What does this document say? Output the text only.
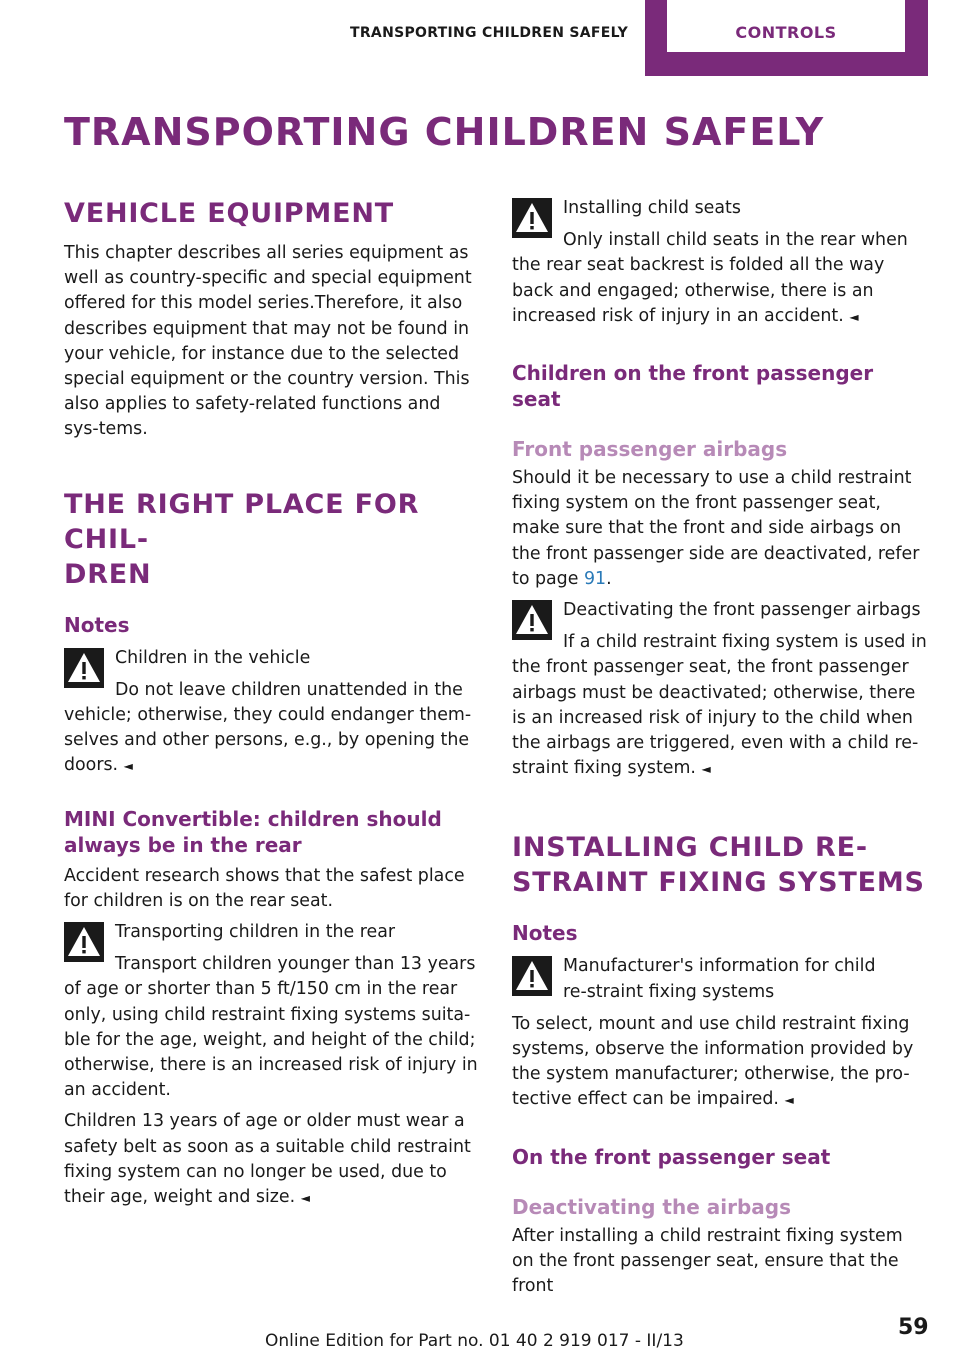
TRANSPORTING CHILDREN SAFELY	CONTROLS
TRANSPORTING CHILDREN SAFELY
VEHICLE EQUIPMENT

This chapter describes all series equipment as well as country-specific and special equipment offered for this model series.Therefore, it also describes equipment that may not be found in your vehicle, for instance due to the selected special equipment or the country version. This also applies to safety-related functions and sys-tems.

THE RIGHT PLACE FOR CHIL-
DREN
Notes
Children in the vehicle

Do not leave children unattended in the vehicle; otherwise, they could endanger them-selves and other persons, e.g., by opening the doors. ◄

MINI Convertible: children should always be in the rear

Accident research shows that the safest place for children is on the rear seat.

Transporting children in the rear

Transport children younger than 13 years of age or shorter than 5 ft/150 cm in the rear only, using child restraint fixing systems suita-ble for the age, weight, and height of the child; otherwise, there is an increased risk of injury in an accident.

Children 13 years of age or older must wear a safety belt as soon as a suitable child restraint fixing system can no longer be used, due to their age, weight and size. ◄

Installing child seats

Only install child seats in the rear when the rear seat backrest is folded all the way back and engaged; otherwise, there is an increased risk of injury in an accident. ◄

Children on the front passenger seat
Front passenger airbags

Should it be necessary to use a child restraint fixing system on the front passenger seat, make sure that the front and side airbags on the front passenger side are deactivated, refer to page 91.

Deactivating the front passenger airbags

If a child restraint fixing system is used in the front passenger seat, the front passenger airbags must be deactivated; otherwise, there is an increased risk of injury to the child when the airbags are triggered, even with a child re-straint fixing system. ◄

INSTALLING CHILD RE-
STRAINT FIXING SYSTEMS
Notes
Manufacturer's information for child re-straint fixing systems

To select, mount and use child restraint fixing systems, observe the information provided by the system manufacturer; otherwise, the pro-tective effect can be impaired. ◄

On the front passenger seat
Deactivating the airbags

After installing a child restraint fixing system on the front passenger seat, ensure that the front

59
Online Edition for Part no. 01 40 2 919 017 - II/13
